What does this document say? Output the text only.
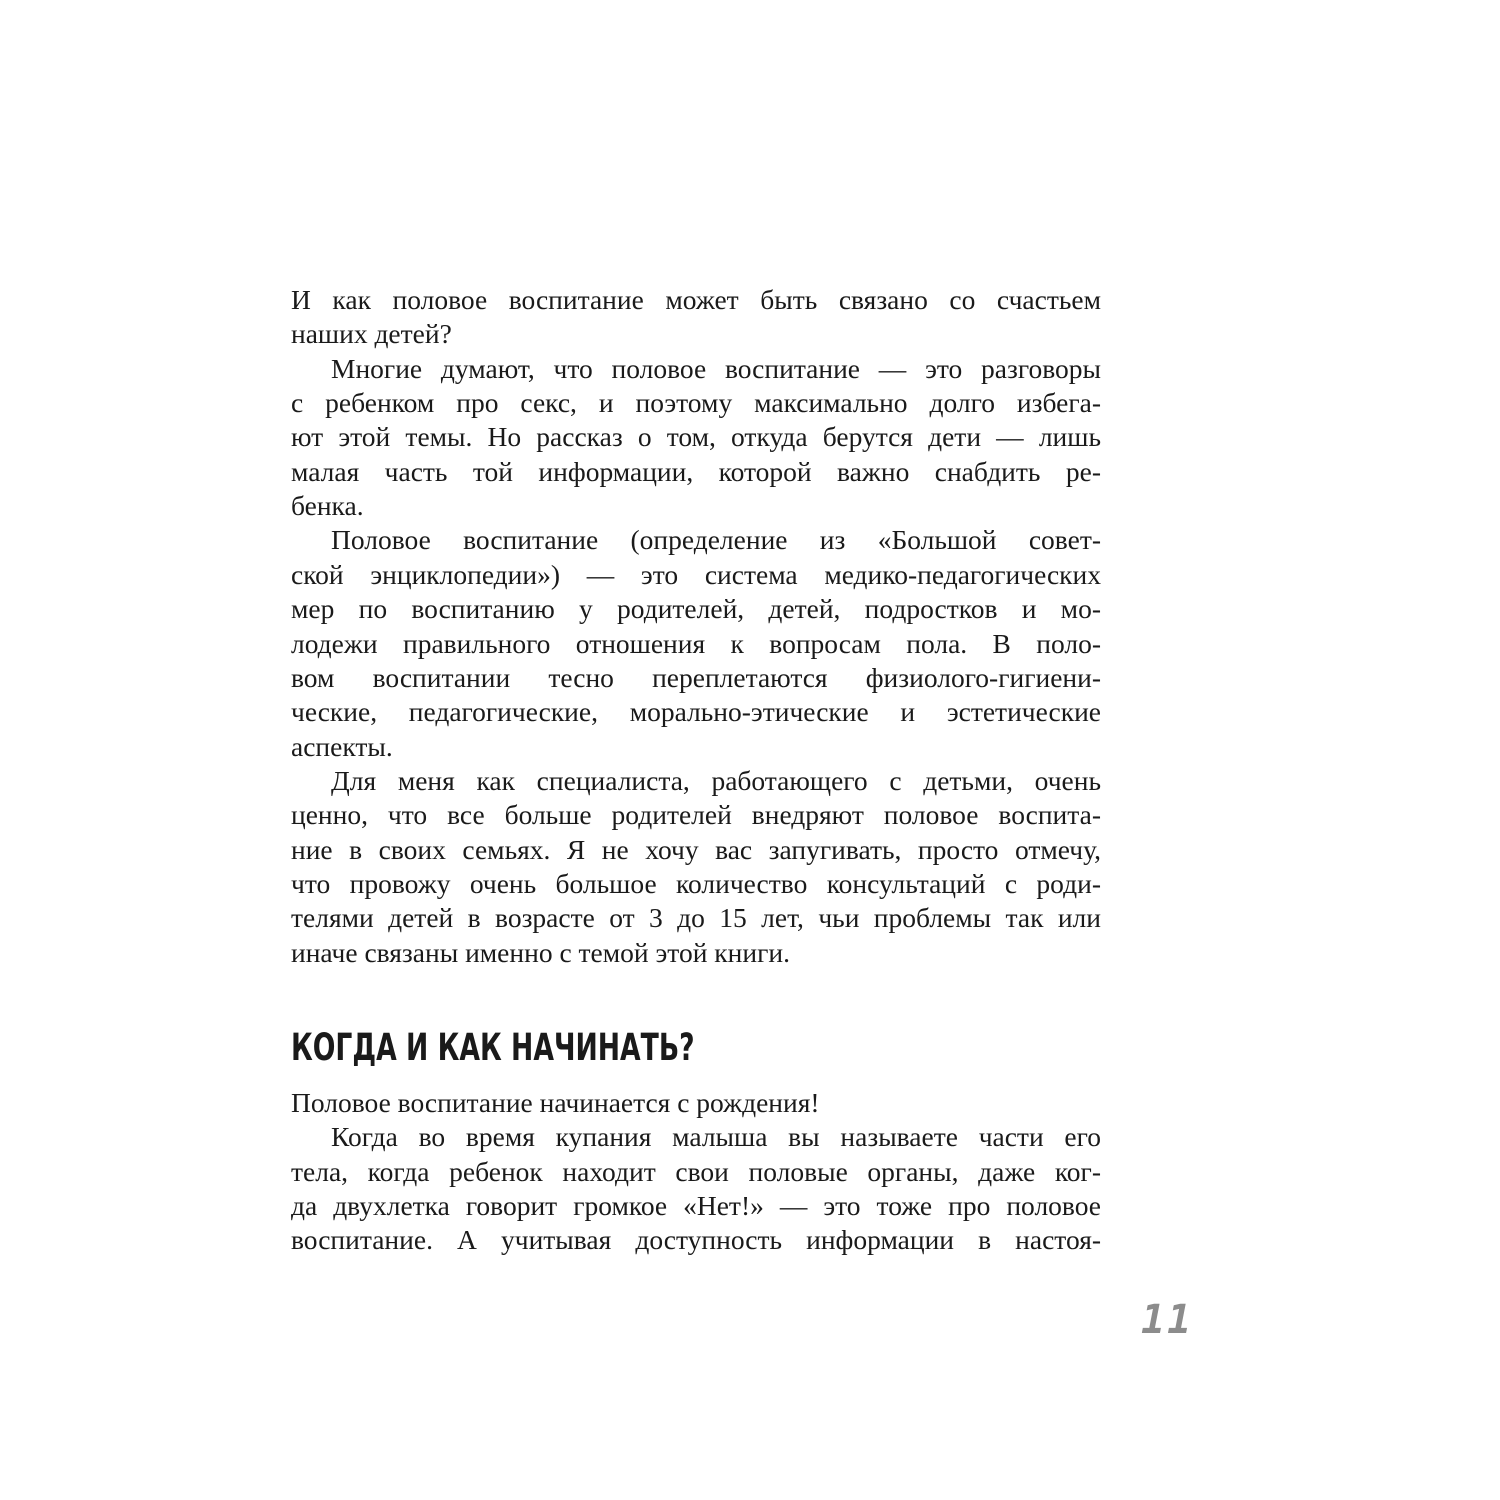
И как половое воспитание может быть связано со счастьем
наших детей?
Многие думают, что половое воспитание — это разговоры
с ребенком про секс, и поэтому максимально долго избега-
ют этой темы. Но рассказ о том, откуда берутся дети — лишь
малая часть той информации, которой важно снабдить ре-
бенка.
Половое воспитание (определение из «Большой совет-
ской энциклопедии») — это система медико-педагогических
мер по воспитанию у родителей, детей, подростков и мо-
лодежи правильного отношения к вопросам пола. В поло-
вом воспитании тесно переплетаются физиолого-гигиени-
ческие, педагогические, морально-этические и эстетические
аспекты.
Для меня как специалиста, работающего с детьми, очень
ценно, что все больше родителей внедряют половое воспита-
ние в своих семьях. Я не хочу вас запугивать, просто отмечу,
что провожу очень большое количество консультаций с роди-
телями детей в возрасте от 3 до 15 лет, чьи проблемы так или
иначе связаны именно с темой этой книги.
КОГДА И КАК НАЧИНАТЬ?
Половое воспитание начинается с рождения!
Когда во время купания малыша вы называете части его
тела, когда ребенок находит свои половые органы, даже ког-
да двухлетка говорит громкое «Нет!» — это тоже про половое
воспитание. А учитывая доступность информации в настоя-
11
